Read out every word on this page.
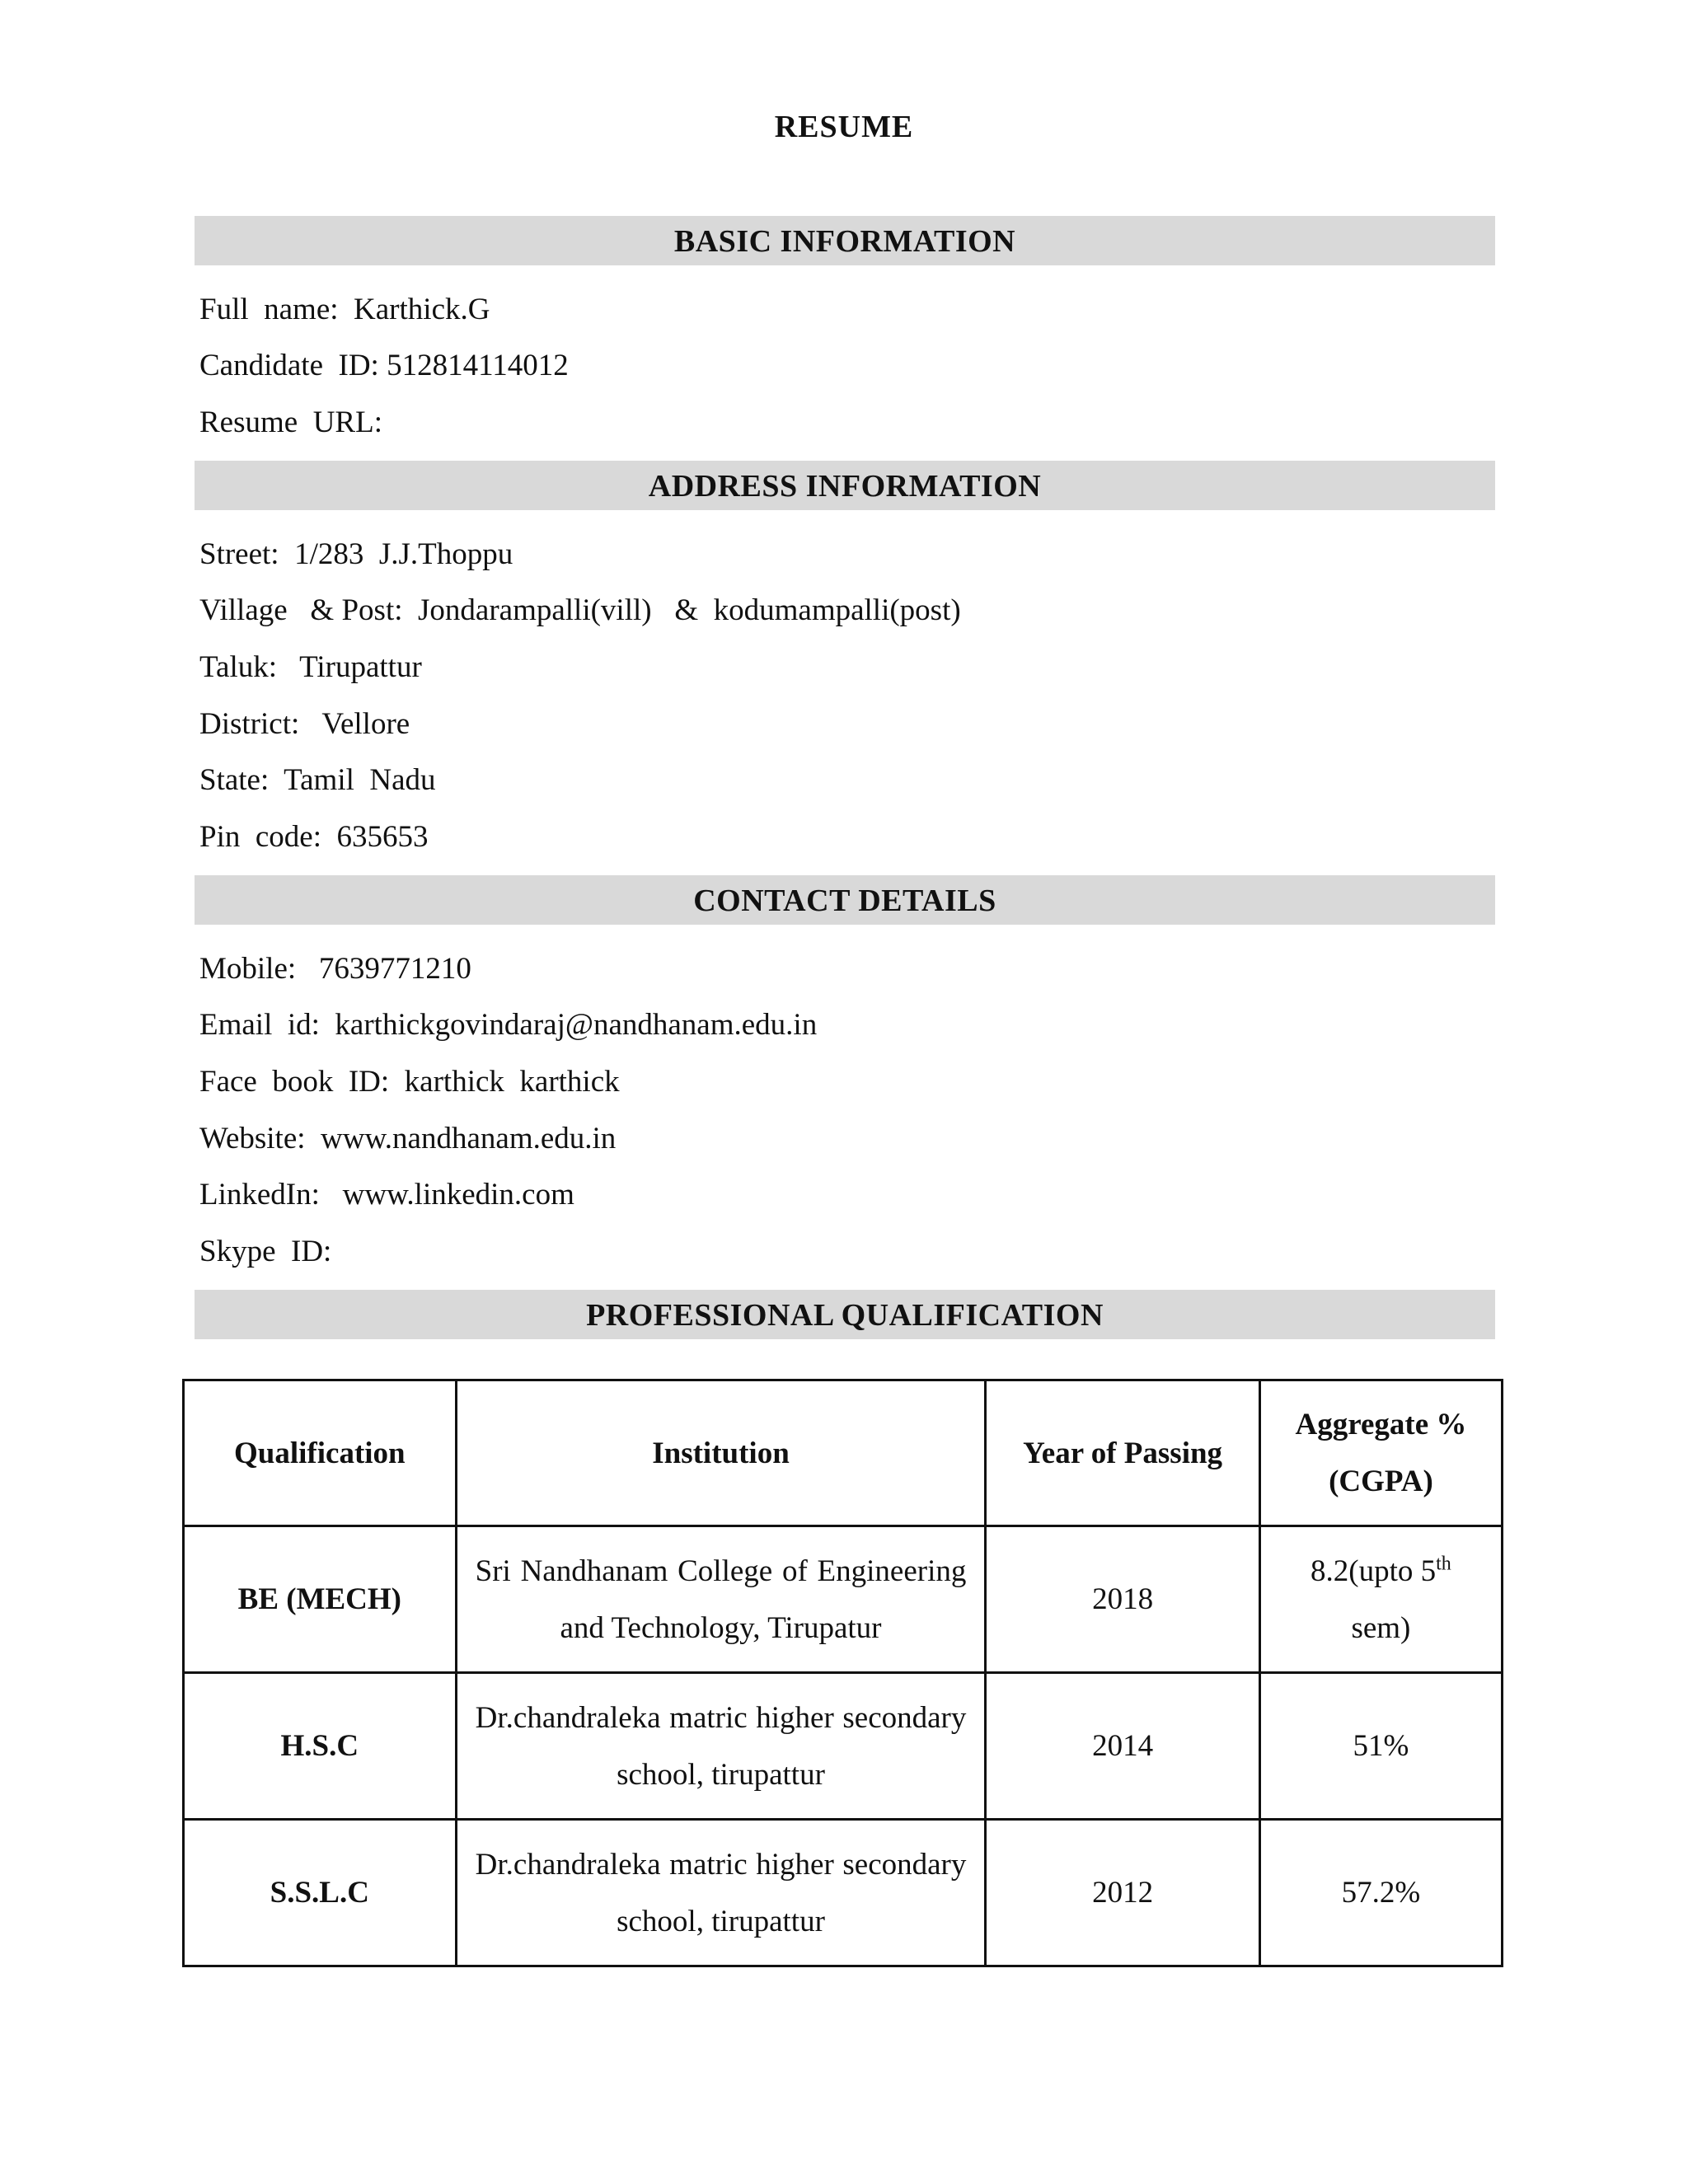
RESUME
BASIC INFORMATION
Full  name:  Karthick.G
Candidate  ID: 512814114012
Resume  URL:
ADDRESS INFORMATION
Street:  1/283  J.J.Thoppu
Village   & Post:  Jondarampalli(vill)   &  kodumampalli(post)
Taluk:   Tirupattur
District:   Vellore
State:  Tamil  Nadu
Pin  code:  635653
CONTACT DETAILS
Mobile:   7639771210
Email  id:  karthickgovindaraj@nandhanam.edu.in
Face  book  ID:  karthick  karthick
Website:  www.nandhanam.edu.in
LinkedIn:   www.linkedin.com
Skype  ID:
PROFESSIONAL QUALIFICATION
Qualification	Institution	Year of Passing	Aggregate %(CGPA)
BE (MECH)	Sri Nandhanam College of Engineering and Technology, Tirupatur	2018	8.2(upto 5th sem)
H.S.C	Dr.chandraleka matric higher secondary school, tirupattur	2014	51%
S.S.L.C	Dr.chandraleka matric higher secondary school, tirupattur	2012	57.2%
